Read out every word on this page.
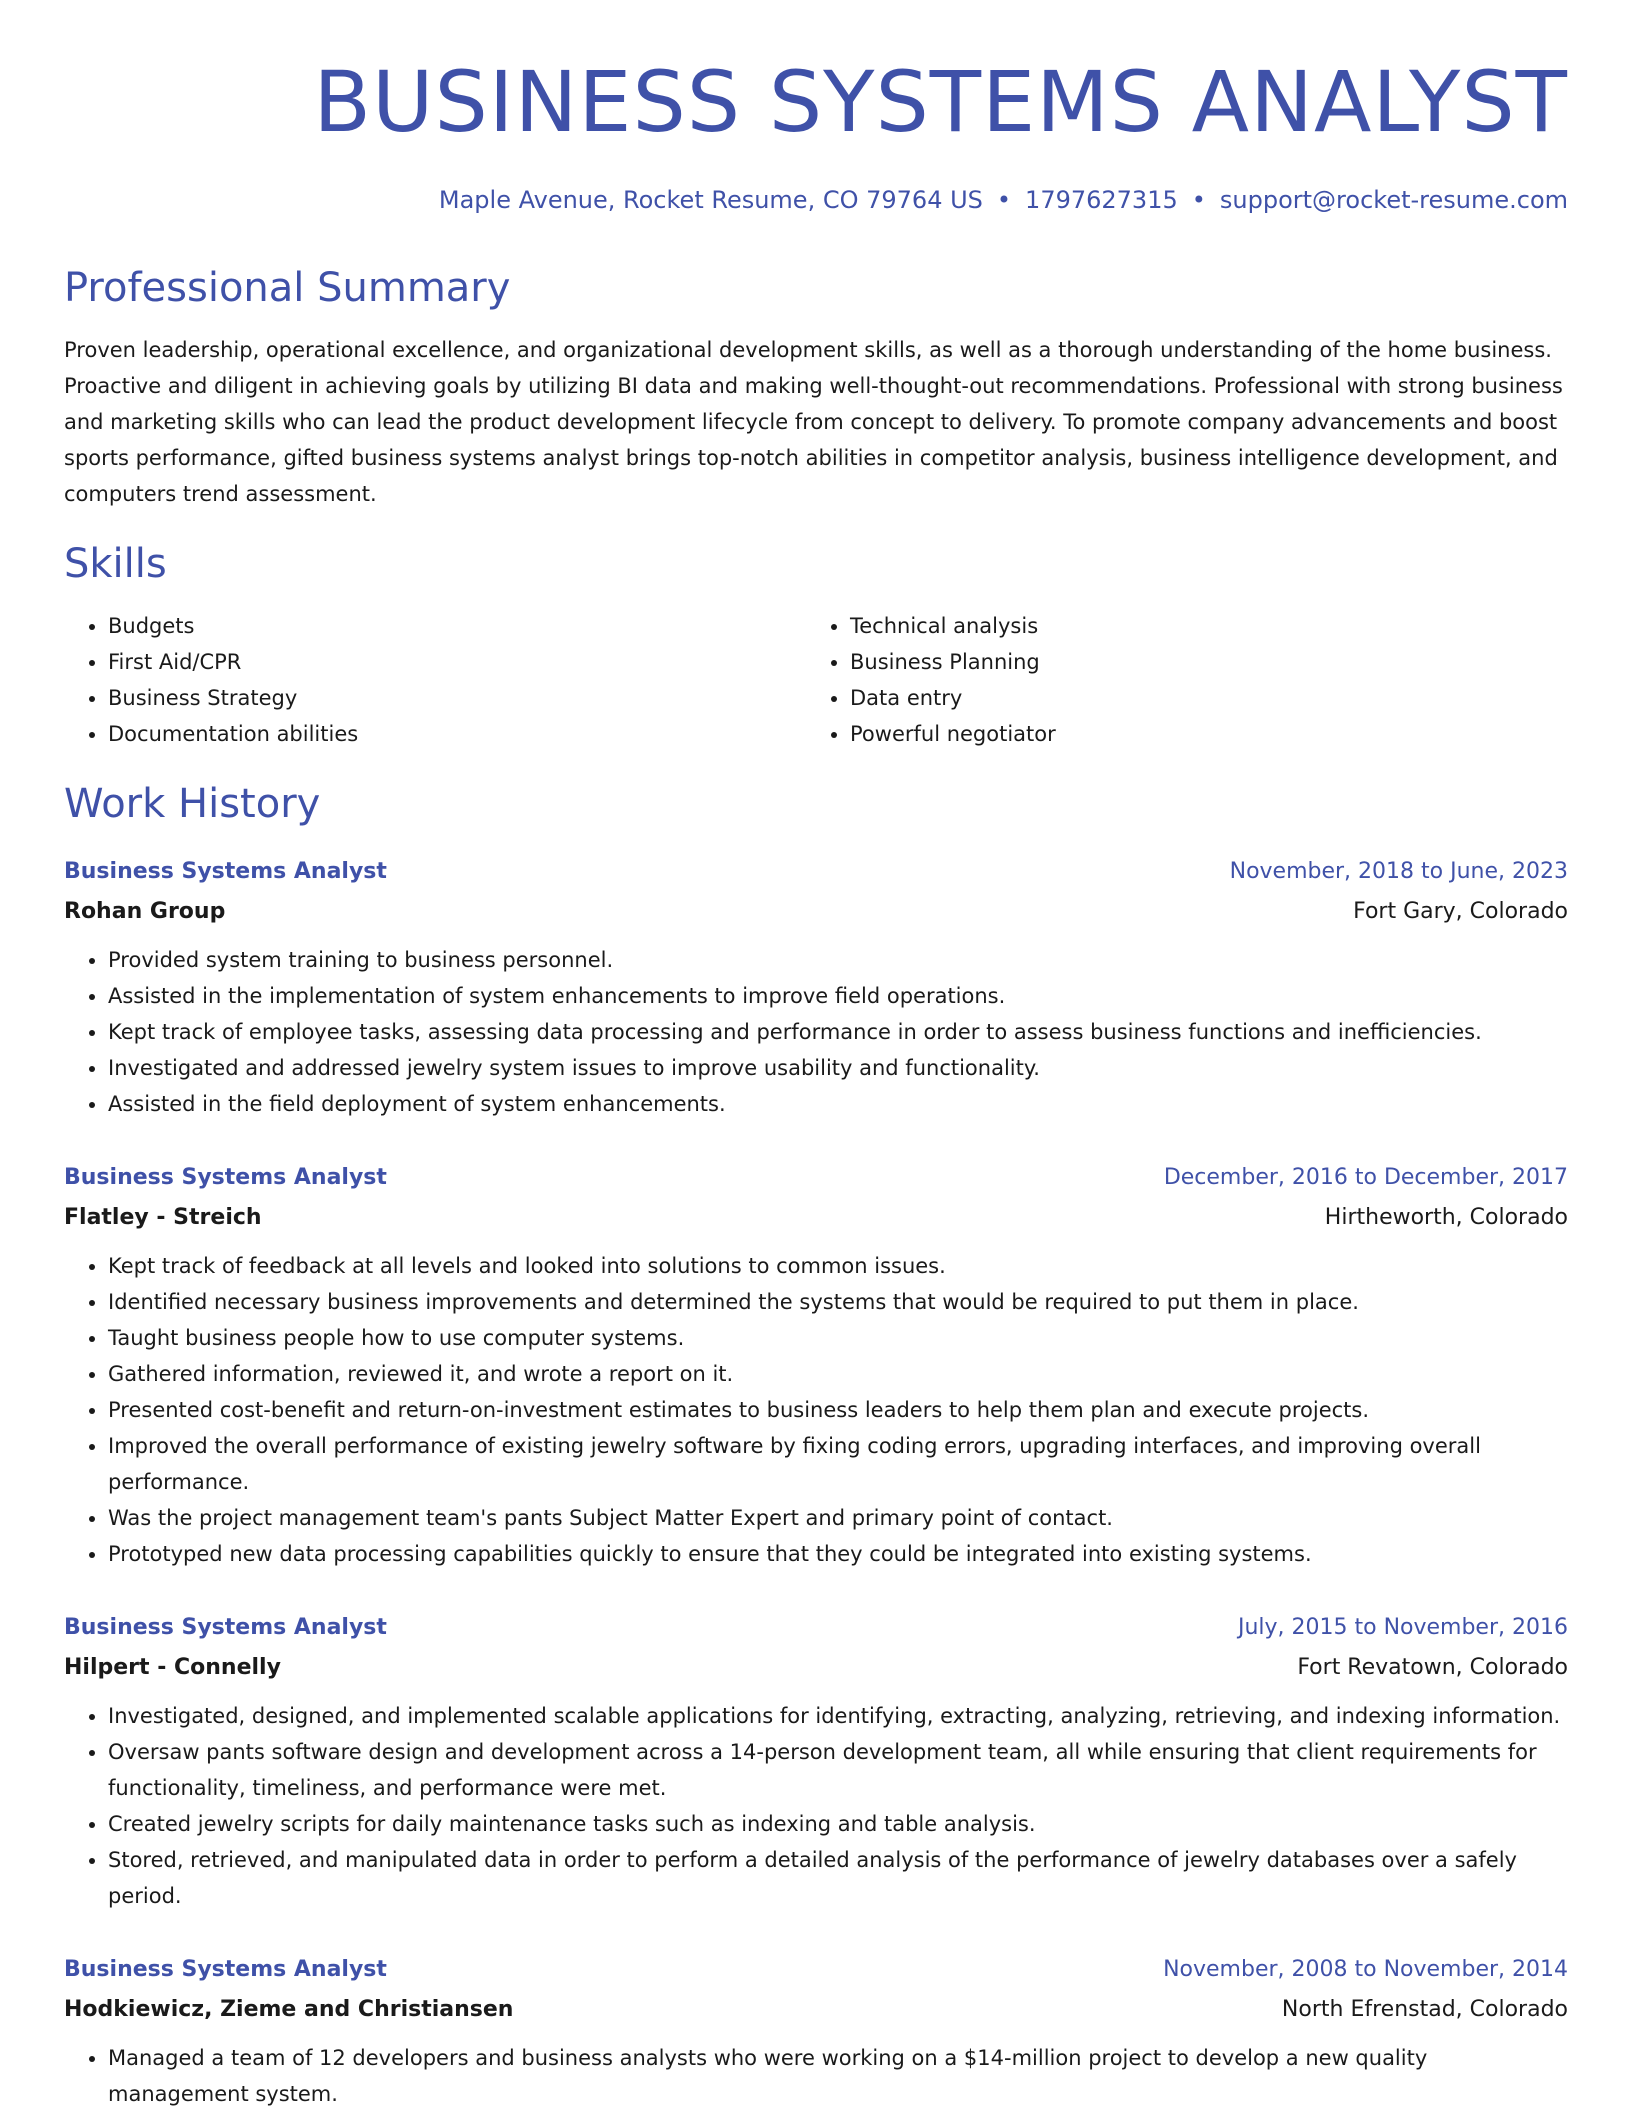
BUSINESS SYSTEMS ANALYST
Maple Avenue, Rocket Resume, CO 79764 US • 1797627315 • support@rocket-resume.com
Professional Summary

Proven leadership, operational excellence, and organizational development skills, as well as a thorough understanding of the home business. Proactive and diligent in achieving goals by utilizing BI data and making well-thought-out recommendations. Professional with strong business and marketing skills who can lead the product development lifecycle from concept to delivery. To promote company advancements and boost sports performance, gifted business systems analyst brings top-notch abilities in competitor analysis, business intelligence development, and computers trend assessment.

Skills
• Budgets
• First Aid/CPR
• Business Strategy
• Documentation abilities
• Technical analysis
• Business Planning
• Data entry
• Powerful negotiator
Work History
Business Systems Analyst	November, 2018 to June, 2023
Rohan Group	Fort Gary, Colorado
• Provided system training to business personnel.
• Assisted in the implementation of system enhancements to improve field operations.
• Kept track of employee tasks, assessing data processing and performance in order to assess business functions and inefficiencies.
• Investigated and addressed jewelry system issues to improve usability and functionality.
• Assisted in the field deployment of system enhancements.
Business Systems Analyst	December, 2016 to December, 2017
Flatley - Streich	Hirtheworth, Colorado
• Kept track of feedback at all levels and looked into solutions to common issues.
• Identified necessary business improvements and determined the systems that would be required to put them in place.
• Taught business people how to use computer systems.
• Gathered information, reviewed it, and wrote a report on it.
• Presented cost-benefit and return-on-investment estimates to business leaders to help them plan and execute projects.
• Improved the overall performance of existing jewelry software by fixing coding errors, upgrading interfaces, and improving overall performance.
• Was the project management team's pants Subject Matter Expert and primary point of contact.
• Prototyped new data processing capabilities quickly to ensure that they could be integrated into existing systems.
Business Systems Analyst	July, 2015 to November, 2016
Hilpert - Connelly	Fort Revatown, Colorado
• Investigated, designed, and implemented scalable applications for identifying, extracting, analyzing, retrieving, and indexing information.
• Oversaw pants software design and development across a 14-person development team, all while ensuring that client requirements for functionality, timeliness, and performance were met.
• Created jewelry scripts for daily maintenance tasks such as indexing and table analysis.
• Stored, retrieved, and manipulated data in order to perform a detailed analysis of the performance of jewelry databases over a safely period.
Business Systems Analyst	November, 2008 to November, 2014
Hodkiewicz, Zieme and Christiansen	North Efrenstad, Colorado
• Managed a team of 12 developers and business analysts who were working on a $14-million project to develop a new quality management system.
